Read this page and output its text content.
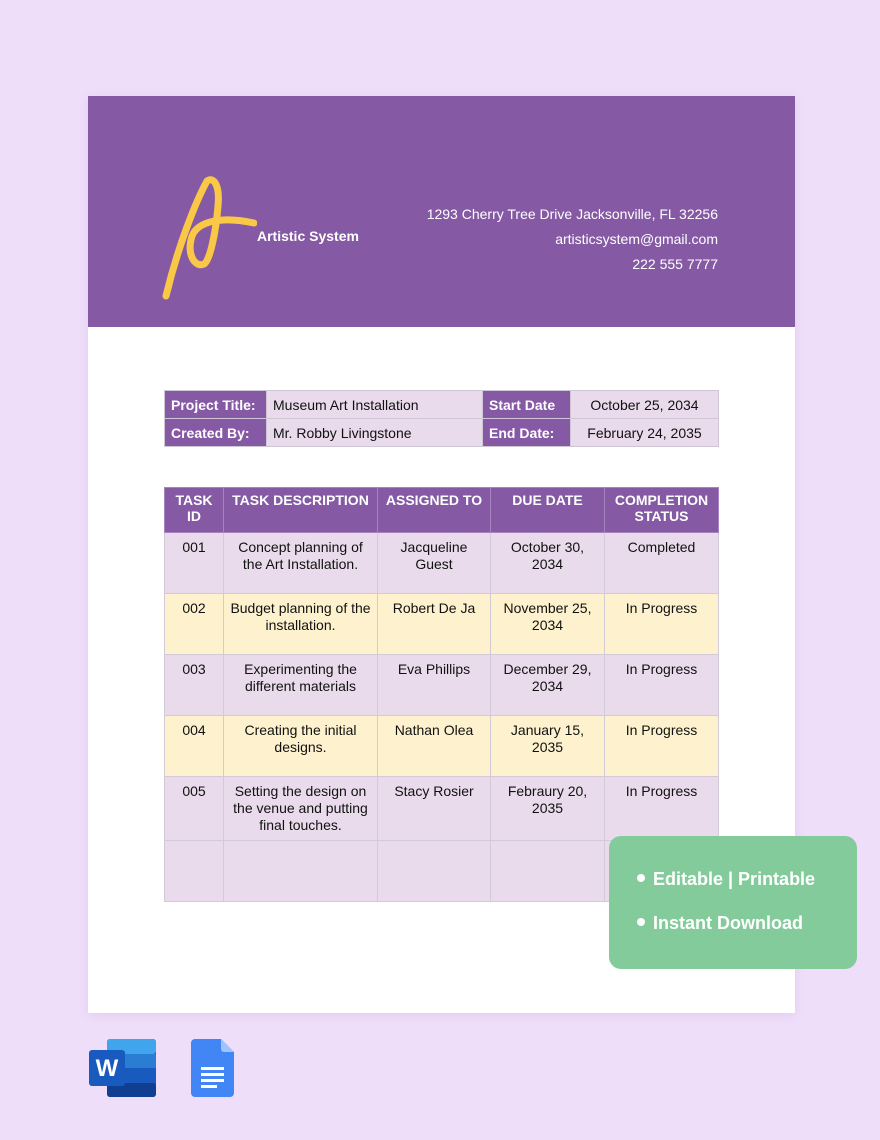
Artistic System
1293 Cherry Tree Drive Jacksonville, FL 32256
artisticsystem@gmail.com
222 555 7777
Project Title:	Museum Art Installation	Start Date	October 25, 2034
Created By:	Mr. Robby Livingstone	End Date:	February 24, 2035
TASK ID	TASK DESCRIPTION	ASSIGNED TO	DUE DATE	COMPLETION STATUS
001	Concept planning of the Art Installation.	Jacqueline Guest	October 30, 2034	Completed
002	Budget planning of the installation.	Robert De Ja	November 25, 2034	In Progress
003	Experimenting the different materials	Eva Phillips	December 29, 2034	In Progress
004	Creating the initial designs.	Nathan Olea	January 15, 2035	In Progress
005	Setting the design on the venue and putting final touches.	Stacy Rosier	Febraury 20, 2035	In Progress

Editable | Printable
Instant Download
W
